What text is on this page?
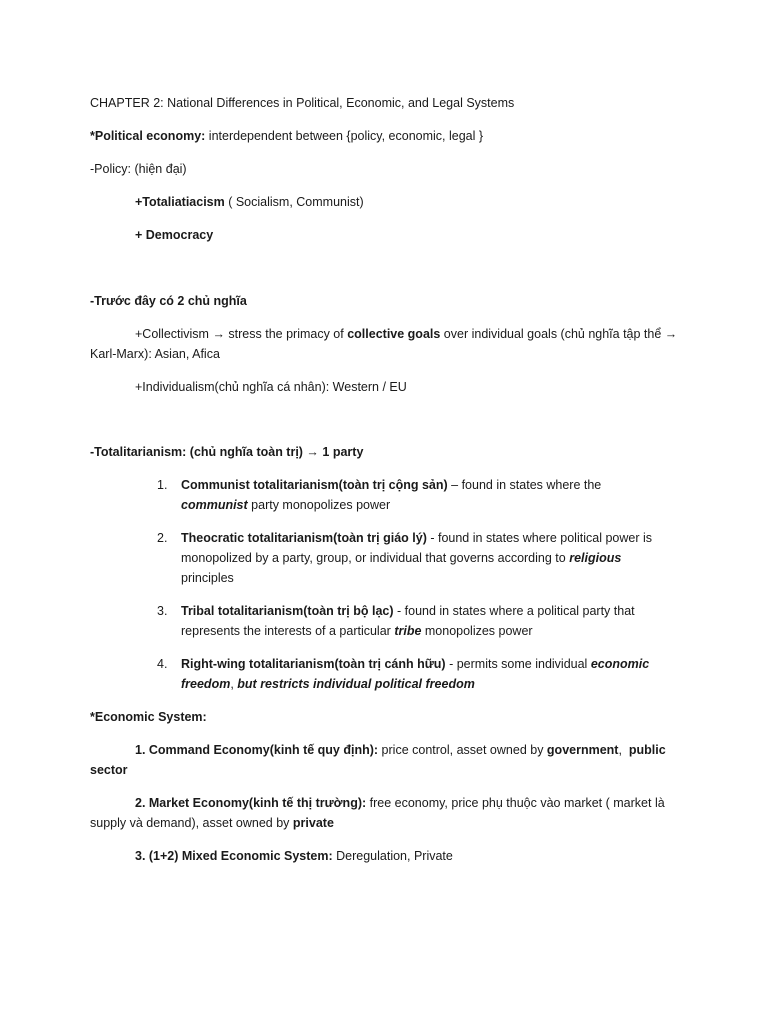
CHAPTER 2: National Differences in Political, Economic, and Legal Systems
*Political economy: interdependent between {policy, economic, legal }
-Policy: (hiện đại)
+Totaliatiacism ( Socialism, Communist)
+ Democracy
-Trước đây có 2 chủ nghĩa
+Collectivism → stress the primacy of collective goals over individual goals (chủ nghĩa tập thể →
Karl-Marx): Asian, Afica
+Individualism(chủ nghĩa cá nhân): Western / EU
-Totalitarianism: (chủ nghĩa toàn trị) → 1 party
1. Communist totalitarianism(toàn trị cộng sản) – found in states where the communist party monopolizes power
2. Theocratic totalitarianism(toàn trị giáo lý) - found in states where political power is monopolized by a party, group, or individual that governs according to religious principles
3. Tribal totalitarianism(toàn trị bộ lạc) - found in states where a political party that represents the interests of a particular tribe monopolizes power
4. Right-wing totalitarianism(toàn trị cánh hữu) - permits some individual economic freedom, but restricts individual political freedom
*Economic System:
1. Command Economy(kinh tế quy định): price control, asset owned by government,  public
sector
2. Market Economy(kinh tế thị trường): free economy, price phụ thuộc vào market ( market là
supply và demand), asset owned by private
3. (1+2) Mixed Economic System: Deregulation, Private
